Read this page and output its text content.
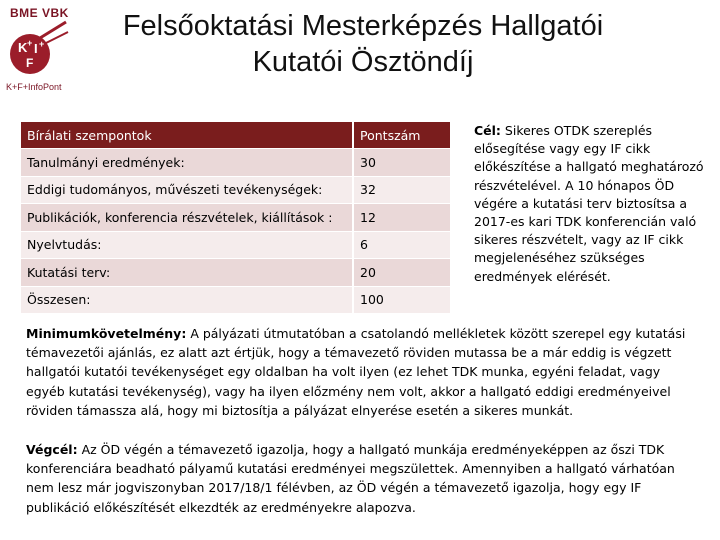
BME VBK
K + I +
F
K+F+InfoPont
Felsőoktatási Mesterképzés Hallgatói
Kutatói Ösztöndíj
Bírálati szempontok	Pontszám
Tanulmányi eredmények:	30
Eddigi tudományos, művészeti tevékenységek:	32
Publikációk, konferencia részvételek, kiállítások :	12
Nyelvtudás:	6
Kutatási terv:	20
Összesen:	100
Cél: Sikeres OTDK szereplés elősegítése vagy egy IF cikk előkészítése a hallgató meghatározó részvételével. A 10 hónapos ÖD végére a kutatási terv biztosítsa a 2017-es kari TDK konferencián való sikeres részvételt, vagy az IF cikk megjelenéséhez szükséges eredmények elérését.
Minimumkövetelmény: A pályázati útmutatóban a csatolandó mellékletek között szerepel egy kutatási témavezetői ajánlás, ez alatt azt értjük, hogy a témavezető röviden mutassa be a már eddig is végzett hallgatói kutatói tevékenységet egy oldalban ha volt ilyen (ez lehet TDK munka, egyéni feladat, vagy egyéb kutatási tevékenység), vagy ha ilyen előzmény nem volt, akkor a hallgató eddigi eredményeivel röviden támassza alá, hogy mi biztosítja a pályázat elnyerése esetén a sikeres munkát.
Végcél: Az ÖD végén a témavezető igazolja, hogy a hallgató munkája eredményeképpen az őszi TDK konferenciára beadható pályamű kutatási eredményei megszülettek. Amennyiben a hallgató várhatóan nem lesz már jogviszonyban 2017/18/1 félévben, az ÖD végén a témavezető igazolja, hogy egy IF publikáció előkészítését elkezdték az eredményekre alapozva.
